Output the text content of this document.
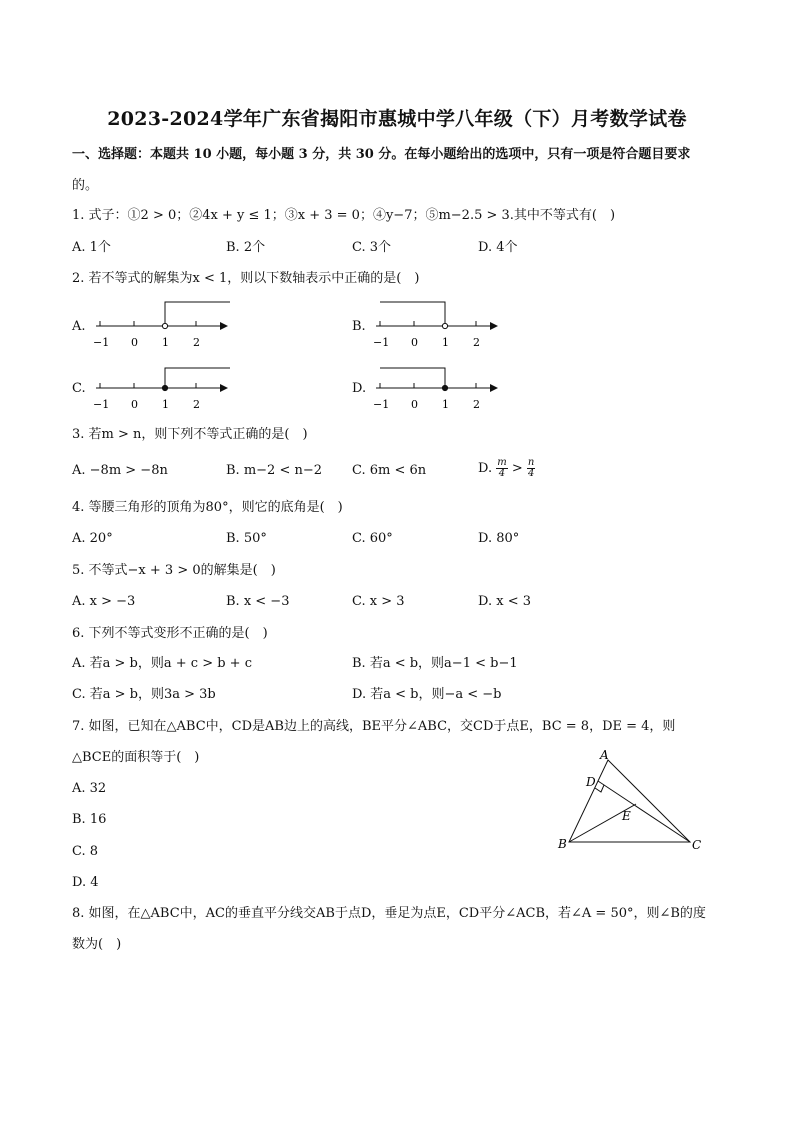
2023-2024学年广东省揭阳市惠城中学八年级（下）月考数学试卷
一、选择题：本题共 10 小题，每小题 3 分，共 30 分。在每小题给出的选项中，只有一项是符合题目要求
的。
1. 式子：①2 > 0；②4x + y ≤ 1；③x + 3 = 0；④y−7；⑤m−2.5 > 3.其中不等式有(　)
A. 1个	B. 2个	C. 3个	D. 4个
2. 若不等式的解集为x < 1，则以下数轴表示中正确的是(　)
A.	B.
C.	D.
−1 0 1 2	−1 0 1 2
−1 0 1 2	−1 0 1 2
3. 若m > n，则下列不等式正确的是(　)
A. −8m > −8n	B. m−2 < n−2 C. 6m < 6n	D. $\frac{m}{4} > \frac{n}{4}$
4. 等腰三角形的顶角为80°，则它的底角是(　)
A. 20°	B. 50°	C. 60°	D. 80°
5. 不等式−x + 3 > 0的解集是(　)
A. x > −3	B. x < −3	C. x > 3	D. x < 3
6. 下列不等式变形不正确的是(　)
A. 若a > b，则a + c > b + c	B. 若a < b，则a−1 < b−1
C. 若a > b，则3a > 3b	D. 若a < b，则−a < −b
7. 如图，已知在△ABC中，CD是AB边上的高线，BE平分∠ABC，交CD于点E，BC = 8，DE = 4，则
△BCE的面积等于(　)
A. 32
B. 16
C. 8
D. 4
A
B	C
D
E
8. 如图，在△ABC中，AC的垂直平分线交AB于点D，垂足为点E，CD平分∠ACB，若∠A = 50°，则∠B的度
数为(　)
